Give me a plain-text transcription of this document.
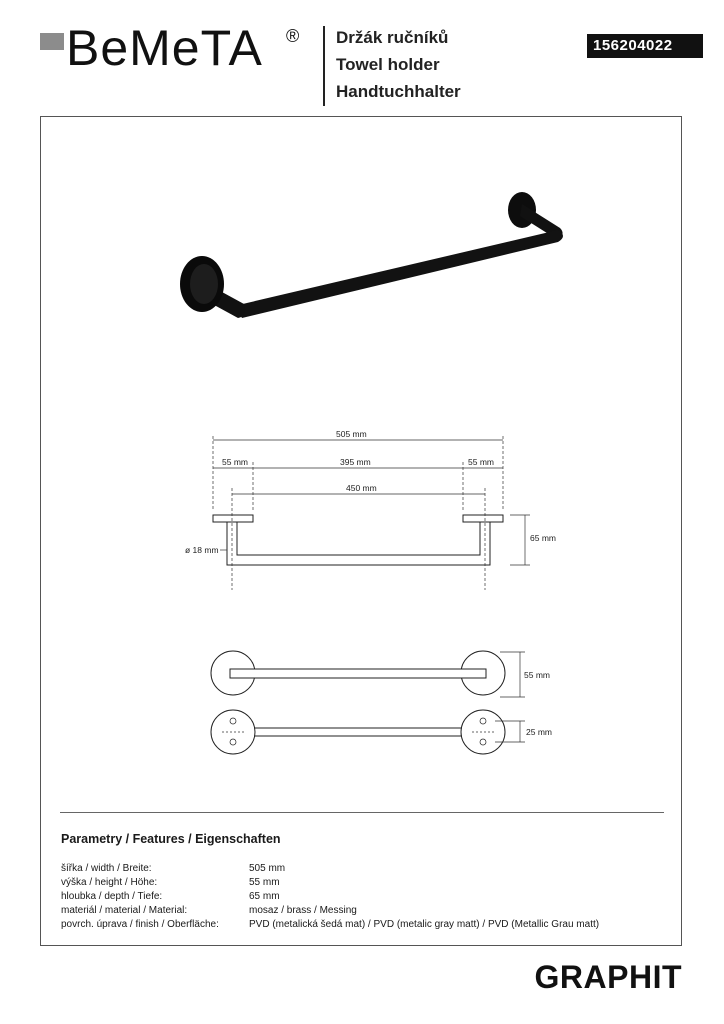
BeMeTA ® Držák ručníků
Towel holder
Handtuchhalter
156204022
505 mm
55 mm	395 mm	55 mm
450 mm
65 mm
ø 18 mm
55 mm
25 mm
Parametry / Features / Eigenschaften
šířka / width / Breite:	505 mm
výška / height / Höhe:	55 mm
hloubka / depth / Tiefe:	65 mm
materiál / material / Material:	mosaz / brass / Messing
povrch. úprava / finish / Oberfläche:	PVD (metalická šedá mat) / PVD (metalic gray matt) / PVD (Metallic Grau matt)
GRAPHIT
